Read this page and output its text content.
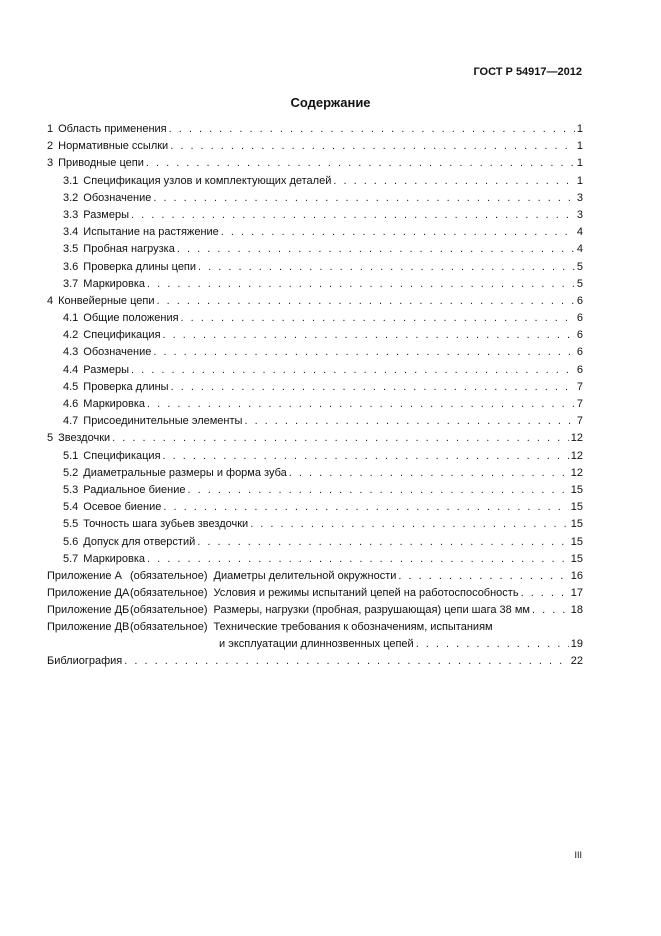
ГОСТ Р 54917—2012
Содержание
1 Область применения . . .	1
2 Нормативные ссылки . . .	1
3 Приводные цепи . . .	1
3.1 Спецификация узлов и комплектующих деталей . . .	1
3.2 Обозначение . . .	3
3.3 Размеры . . .	3
3.4 Испытание на растяжение . . .	4
3.5 Пробная нагрузка . . .	4
3.6 Проверка длины цепи . . .	5
3.7 Маркировка . . .	5
4 Конвейерные цепи . . .	6
4.1 Общие положения . . .	6
4.2 Спецификация . . .	6
4.3 Обозначение . . .	6
4.4 Размеры . . .	6
4.5 Проверка длины . . .	7
4.6 Маркировка . . .	7
4.7 Присоединительные элементы . . .	7
5 Звездочки . . .	12
5.1 Спецификация . . .	12
5.2 Диаметральные размеры и форма зуба . . .	12
5.3 Радиальное биение . . .	15
5.4 Осевое биение . . .	15
5.5 Точность шага зубьев звездочки . . .	15
5.6 Допуск для отверстий . . .	15
5.7 Маркировка . . .	15
Приложение А (обязательное) Диаметры делительной окружности . . .	16
Приложение ДА (обязательное) Условия и режимы испытаний цепей на работоспособность . . .	17
Приложение ДБ (обязательное) Размеры, нагрузки (пробная, разрушающая) цепи шага 38 мм . . .	18
Приложение ДВ (обязательное) Технические требования к обозначениям, испытаниям
и эксплуатации длиннозвенных цепей . . .	19
Библиография . . .	22
III
